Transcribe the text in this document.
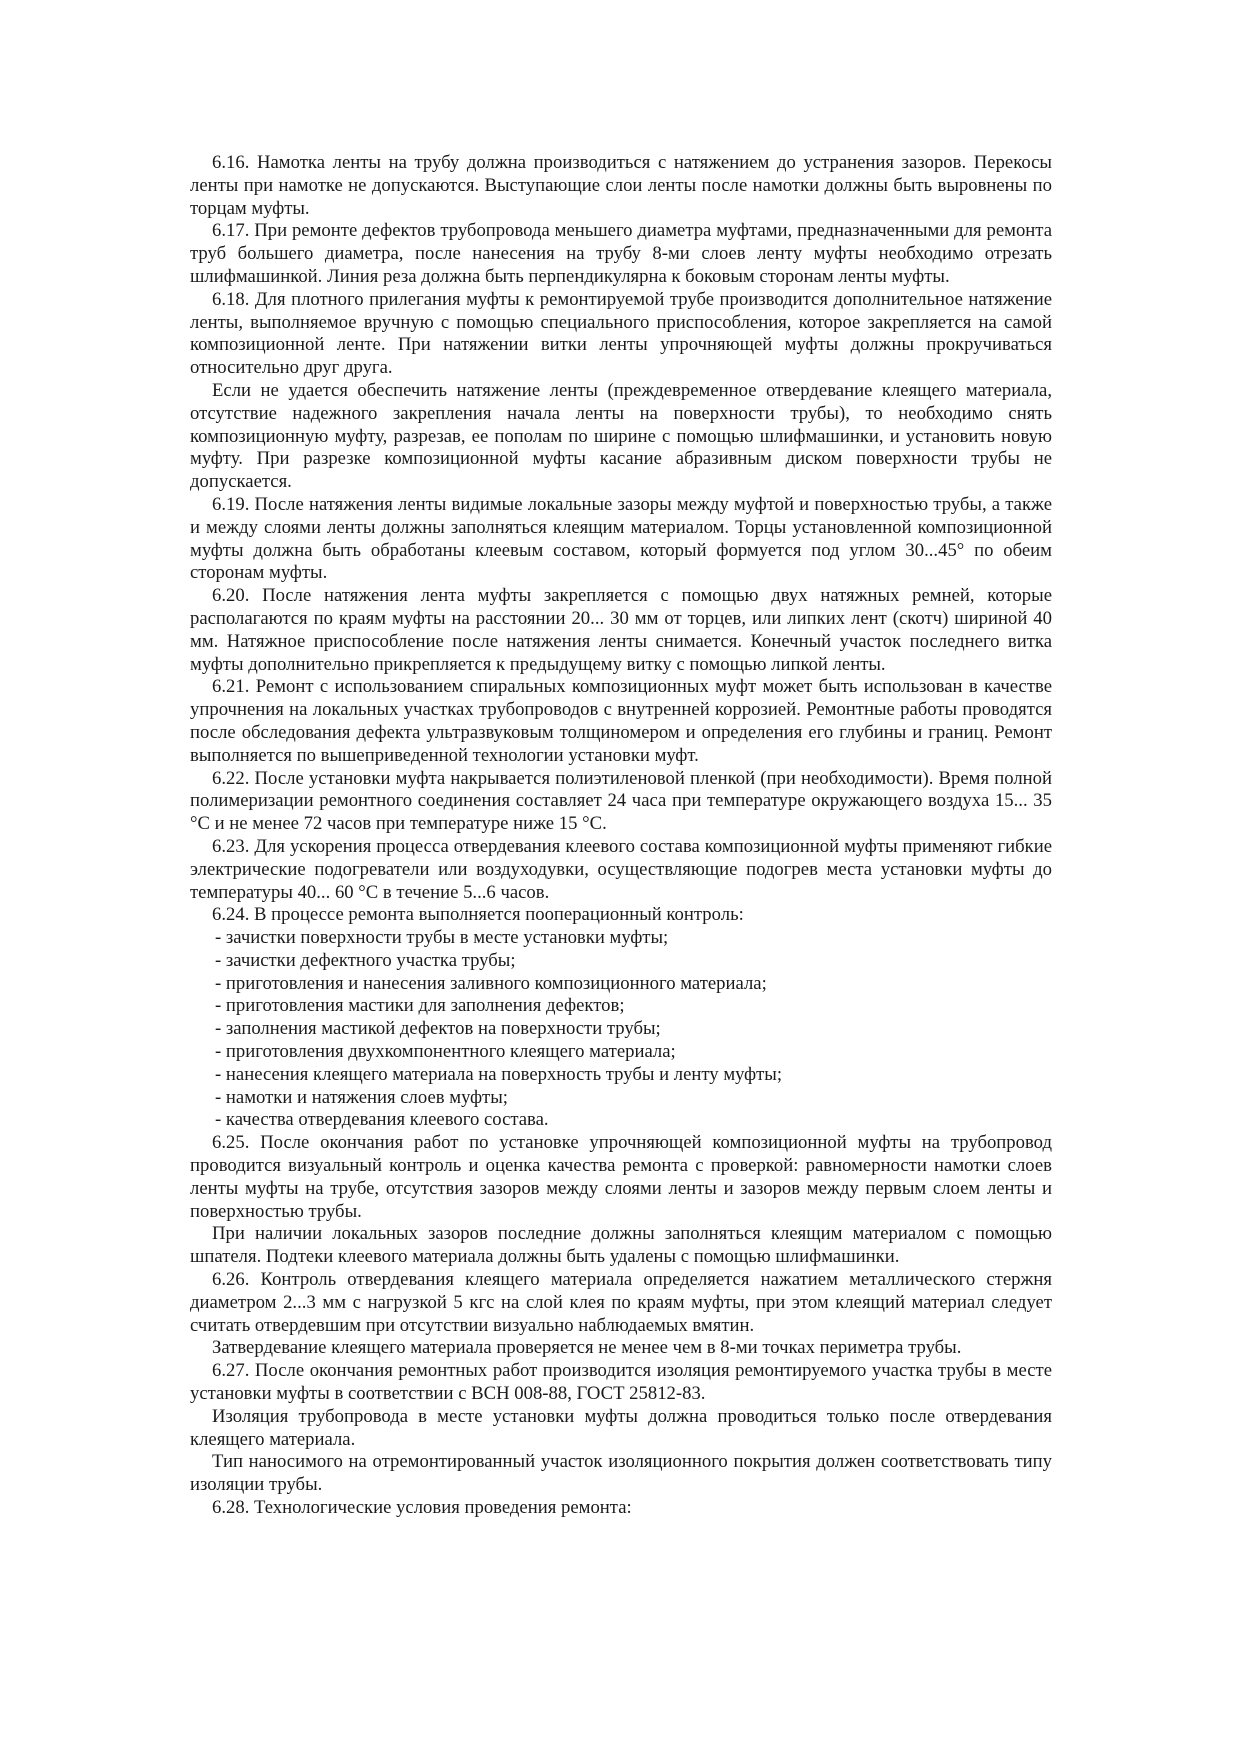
6.16. Намотка ленты на трубу должна производиться с натяжением до устранения зазоров. Перекосы ленты при намотке не допускаются. Выступающие слои ленты после намотки должны быть выровнены по торцам муфты.

6.17. При ремонте дефектов трубопровода меньшего диаметра муфтами, предназначенными для ремонта труб большего диаметра, после нанесения на трубу 8-ми слоев ленту муфты необходимо отрезать шлифмашинкой. Линия реза должна быть перпендикулярна к боковым сторонам ленты муфты.

6.18. Для плотного прилегания муфты к ремонтируемой трубе производится дополнительное натяжение ленты, выполняемое вручную с помощью специального приспособления, которое закрепляется на самой композиционной ленте. При натяжении витки ленты упрочняющей муфты должны прокручиваться относительно друг друга.

Если не удается обеспечить натяжение ленты (преждевременное отвердевание клеящего материала, отсутствие надежного закрепления начала ленты на поверхности трубы), то необходимо снять композиционную муфту, разрезав, ее пополам по ширине с помощью шлифмашинки, и установить новую муфту. При разрезке композиционной муфты касание абразивным диском поверхности трубы не допускается.

6.19. После натяжения ленты видимые локальные зазоры между муфтой и поверхностью трубы, а также и между слоями ленты должны заполняться клеящим материалом. Торцы установленной композиционной муфты должна быть обработаны клеевым составом, который формуется под углом 30...45° по обеим сторонам муфты.

6.20. После натяжения лента муфты закрепляется с помощью двух натяжных ремней, которые располагаются по краям муфты на расстоянии 20... 30 мм от торцев, или липких лент (скотч) шириной 40 мм. Натяжное приспособление после натяжения ленты снимается. Конечный участок последнего витка муфты дополнительно прикрепляется к предыдущему витку с помощью липкой ленты.

6.21. Ремонт с использованием спиральных композиционных муфт может быть использован в качестве упрочнения на локальных участках трубопроводов с внутренней коррозией. Ремонтные работы проводятся после обследования дефекта ультразвуковым толщиномером и определения его глубины и границ. Ремонт выполняется по вышеприведенной технологии установки муфт.

6.22. После установки муфта накрывается полиэтиленовой пленкой (при необходимости). Время полной полимеризации ремонтного соединения составляет 24 часа при температуре окружающего воздуха 15... 35 °С и не менее 72 часов при температуре ниже 15 °С.

6.23. Для ускорения процесса отвердевания клеевого состава композиционной муфты применяют гибкие электрические подогреватели или воздуходувки, осуществляющие подогрев места установки муфты до температуры 40... 60 °С в течение 5...6 часов.

6.24. В процессе ремонта выполняется пооперационный контроль:

- зачистки поверхности трубы в месте установки муфты;

- зачистки дефектного участка трубы;

- приготовления и нанесения заливного композиционного материала;

- приготовления мастики для заполнения дефектов;

- заполнения мастикой дефектов на поверхности трубы;

- приготовления двухкомпонентного клеящего материала;

- нанесения клеящего материала на поверхность трубы и ленту муфты;

- намотки и натяжения слоев муфты;

- качества отвердевания клеевого состава.

6.25. После окончания работ по установке упрочняющей композиционной муфты на трубопровод проводится визуальный контроль и оценка качества ремонта с проверкой: равномерности намотки слоев ленты муфты на трубе, отсутствия зазоров между слоями ленты и зазоров между первым слоем ленты и поверхностью трубы.

При наличии локальных зазоров последние должны заполняться клеящим материалом с помощью шпателя. Подтеки клеевого материала должны быть удалены с помощью шлифмашинки.

6.26. Контроль отвердевания клеящего материала определяется нажатием металлического стержня диаметром 2...3 мм с нагрузкой 5 кгс на слой клея по краям муфты, при этом клеящий материал следует считать отвердевшим при отсутствии визуально наблюдаемых вмятин.

Затвердевание клеящего материала проверяется не менее чем в 8-ми точках периметра трубы.

6.27. После окончания ремонтных работ производится изоляция ремонтируемого участка трубы в месте установки муфты в соответствии с ВСН 008-88, ГОСТ 25812-83.

Изоляция трубопровода в месте установки муфты должна проводиться только после отвердевания клеящего материала.

Тип наносимого на отремонтированный участок изоляционного покрытия должен соответствовать типу изоляции трубы.

6.28. Технологические условия проведения ремонта:
